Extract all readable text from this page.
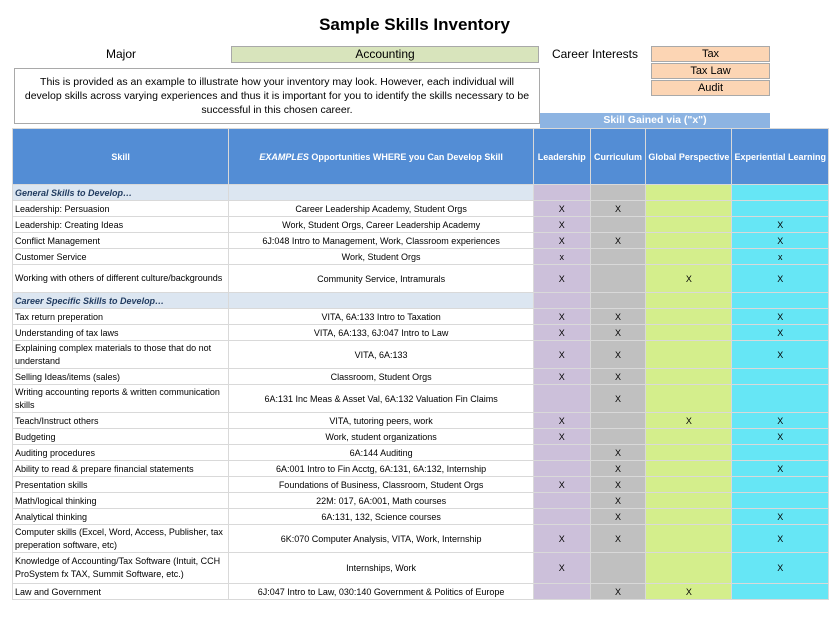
Sample Skills Inventory
Major	Accounting	Career Interests	Tax
Tax Law
Audit
This is provided as an example to illustrate how your inventory may look. However, each individual will develop skills across varying experiences and thus it is important for you to identify the skills necessary to be successful in this chosen career.
Skill Gained via ("x")
Skill	EXAMPLES Opportunities WHERE you Can Develop Skill	Leadership	Curriculum	Global Perspective	Experiential Learning
General Skills to Develop…					
Leadership: Persuasion	Career Leadership Academy, Student Orgs	X	X		
Leadership: Creating Ideas	Work, Student Orgs, Career Leadership Academy	X			X
Conflict Management	6J:048 Intro to Management, Work, Classroom experiences	X	X		X
Customer Service	Work, Student Orgs	x			x
Working with others of different culture/backgrounds	Community Service, Intramurals	X		X	X
Career Specific Skills to Develop…					
Tax return preperation	VITA, 6A:133 Intro to Taxation	X	X		X
Understanding of tax laws	VITA, 6A:133, 6J:047 Intro to Law	X	X		X
Explaining complex materials to those that do not understand	VITA, 6A:133	X	X		X
Selling Ideas/items (sales)	Classroom, Student Orgs	X	X		
Writing accounting reports & written communication skills	6A:131 Inc Meas & Asset Val, 6A:132 Valuation Fin Claims		X		
Teach/Instruct others	VITA, tutoring peers, work	X		X	X
Budgeting	Work, student organizations	X			X
Auditing procedures	6A:144 Auditing		X		
Ability to read & prepare financial statements	6A:001 Intro to Fin Acctg, 6A:131, 6A:132, Internship		X		X
Presentation skills	Foundations of Business, Classroom, Student Orgs	X	X		
Math/logical thinking	22M: 017, 6A:001, Math courses		X		
Analytical thinking	6A:131, 132, Science courses		X		X
Computer skills (Excel, Word, Access, Publisher, tax preperation software, etc)	6K:070 Computer Analysis, VITA, Work, Internship	X	X		X
Knowledge of Accounting/Tax Software (Intuit, CCH ProSystem fx TAX, Summit Software, etc.)	Internships, Work	X			X
Law and Government	6J:047 Intro to Law, 030:140 Government & Politics of Europe		X	X	
